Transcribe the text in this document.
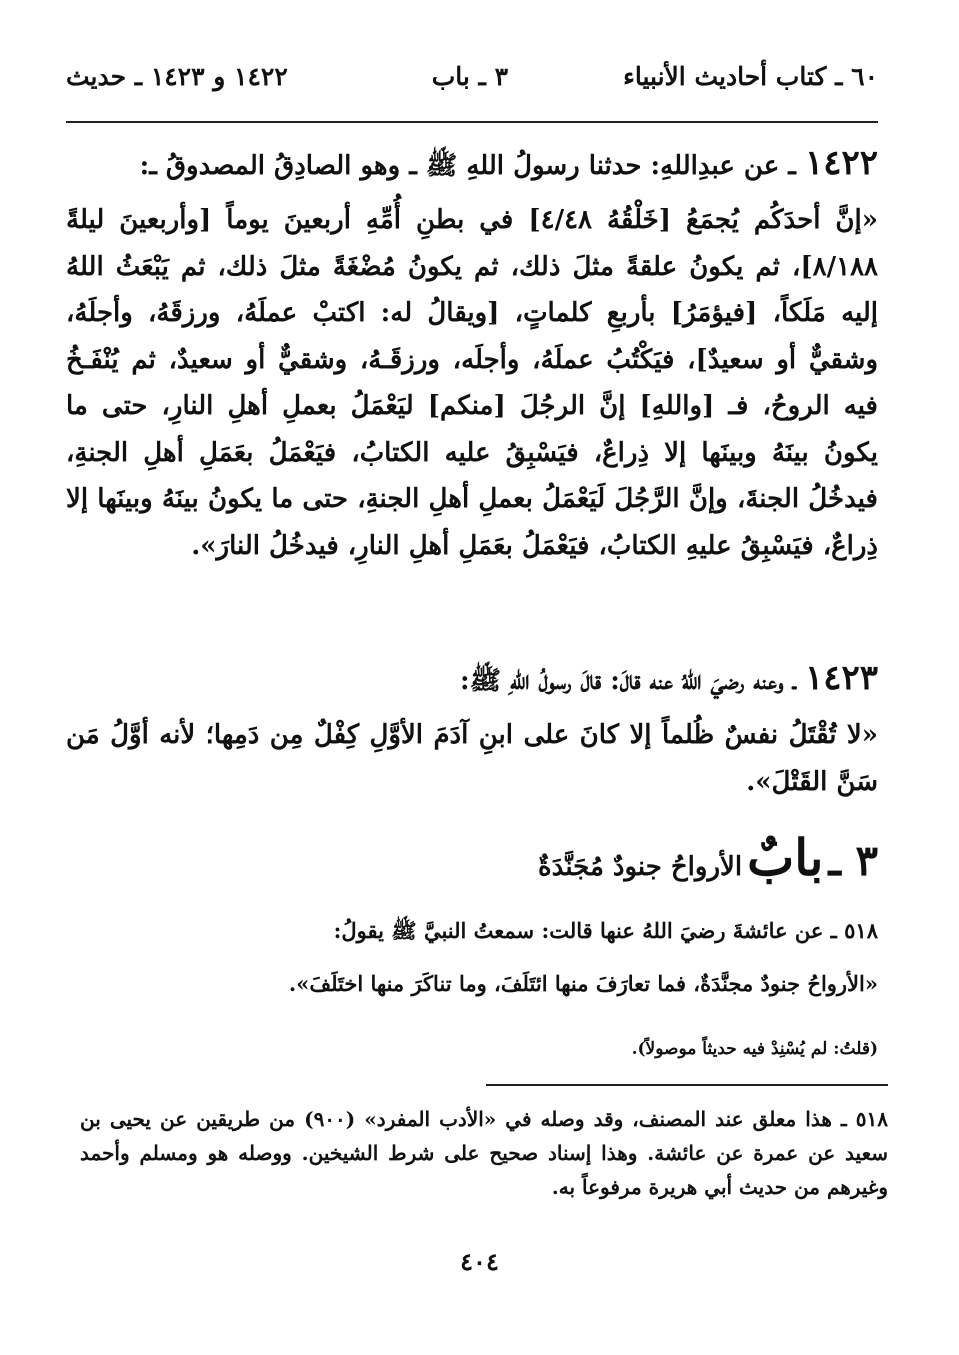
٦٠ ـ كتاب أحاديث الأنبياء
٣ ـ باب
١٤٢٢ و ١٤٢٣ ـ حديث
١٤٢٢ ـ عن عبدِاللهِ: حدثنا رسولُ اللهِ ﷺ ـ وهو الصادِقُ المصدوقُ ـ:
«إنَّ أحدَكُم يُجمَعُ [خَلْقُهُ ٤/٤٨] في بطنِ أُمِّهِ أربعينَ يوماً [وأربعينَ ليلةً ٨/١٨٨]، ثم يكونُ علقةً مثلَ ذلك، ثم يكونُ مُضْغَةً مثلَ ذلك، ثم يَبْعَثُ اللهُ إليه مَلَكاً، [فيؤمَرُ] بأربعِ كلماتٍ، [ويقالُ له: اكتبْ عملَهُ، ورزقَهُ، وأجلَهُ، وشقيٌّ أو سعيدٌ]، فيَكْتُبُ عملَهُ، وأجلَه، ورزقَـهُ، وشقيٌّ أو سعيدٌ، ثم يُنْفَـخُ فيه الروحُ، فـ [واللهِ] إنَّ الرجُلَ [منكم] ليَعْمَلُ بعملِ أهلِ النارِ، حتى ما يكونُ بينَهُ وبينَها إلا ذِراعٌ، فيَسْبِقُ عليه الكتابُ، فيَعْمَلُ بعَمَلِ أهلِ الجنةِ، فيدخُلُ الجنةَ، وإنَّ الرَّجُلَ لَيَعْمَلُ بعملِ أهلِ الجنةِ، حتى ما يكونُ بينَهُ وبينَها إلا ذِراعٌ، فيَسْبِقُ عليهِ الكتابُ، فيَعْمَلُ بعَمَلِ أهلِ النارِ، فيدخُلُ النارَ».
١٤٢٣ ـ وعنه رضيَ اللهُ عنه قالَ: قالَ رسولُ اللهِ ﷺ:
«لا تُقْتَلُ نفسٌ ظُلماً إلا كانَ على ابنِ آدَمَ الأوَّلِ كِفْلٌ مِن دَمِها؛ لأنه أوَّلُ مَن سَنَّ القَتْلَ».
٣ ـ بابٌ الأرواحُ جنودٌ مُجَنَّدَةٌ
٥١٨ ـ عن عائشةَ رضيَ اللهُ عنها قالت: سمعتُ النبيَّ ﷺ يقولُ:
«الأرواحُ جنودٌ مجنَّدَةٌ، فما تعارَفَ منها ائتَلَفَ، وما تناكَرَ منها اختَلَفَ».
(قلتُ: لم يُسْنِدْ فيه حديثاً موصولاً).
٥١٨ ـ هذا معلق عند المصنف، وقد وصله في «الأدب المفرد» (٩٠٠) من طريقين عن يحيى بن سعيد عن عمرة عن عائشة. وهذا إسناد صحيح على شرط الشيخين. ووصله هو ومسلم وأحمد وغيرهم من حديث أبي هريرة مرفوعاً به.
٤٠٤
